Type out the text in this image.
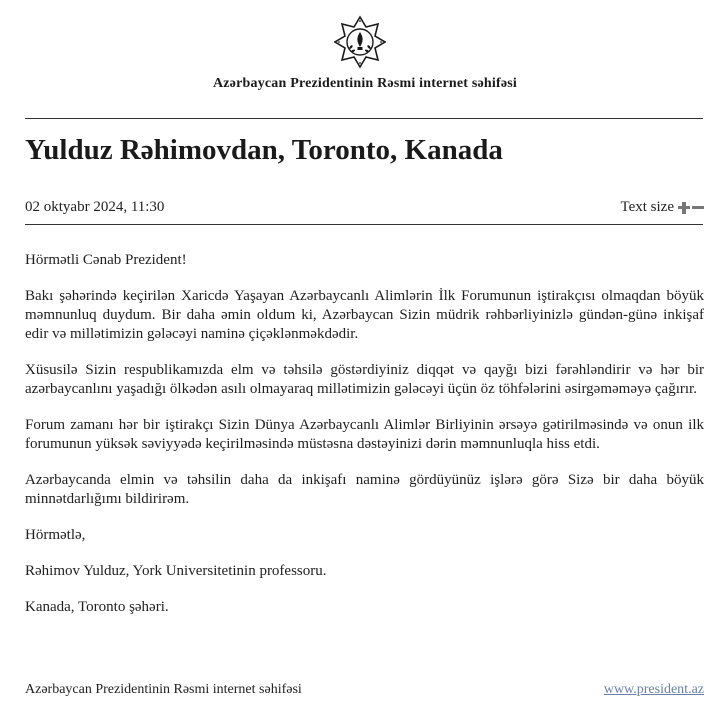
Azərbaycan Prezidentinin Rəsmi internet səhifəsi
Yulduz Rəhimovdan, Toronto, Kanada
02 oktyabr 2024, 11:30	Text size

Hörmətli Cənab Prezident!

Bakı şəhərində keçirilən Xaricdə Yaşayan Azərbaycanlı Alimlərin İlk Forumunun iştirakçısı olmaqdan böyük məmnunluq duydum. Bir daha əmin oldum ki, Azərbaycan Sizin müdrik rəhbərliyinizlə gündən-günə inkişaf edir və millətimizin gələcəyi naminə çiçəklənməkdədir.

Xüsusilə Sizin respublikamızda elm və təhsilə göstərdiyiniz diqqət və qayğı bizi fərəhləndirir və hər bir azərbaycanlını yaşadığı ölkədən asılı olmayaraq millətimizin gələcəyi üçün öz töhfələrini əsirgəməməyə çağırır.

Forum zamanı hər bir iştirakçı Sizin Dünya Azərbaycanlı Alimlər Birliyinin ərsəyə gətirilməsində və onun ilk forumunun yüksək səviyyədə keçirilməsində müstəsna dəstəyinizi dərin məmnunluqla hiss etdi.

Azərbaycanda elmin və təhsilin daha da inkişafı naminə gördüyünüz işlərə görə Sizə bir daha böyük minnətdarlığımı bildirirəm.

Hörmətlə,

Rəhimov Yulduz, York Universitetinin professoru.

Kanada, Toronto şəhəri.

Azərbaycan Prezidentinin Rəsmi internet səhifəsi	www.president.az
